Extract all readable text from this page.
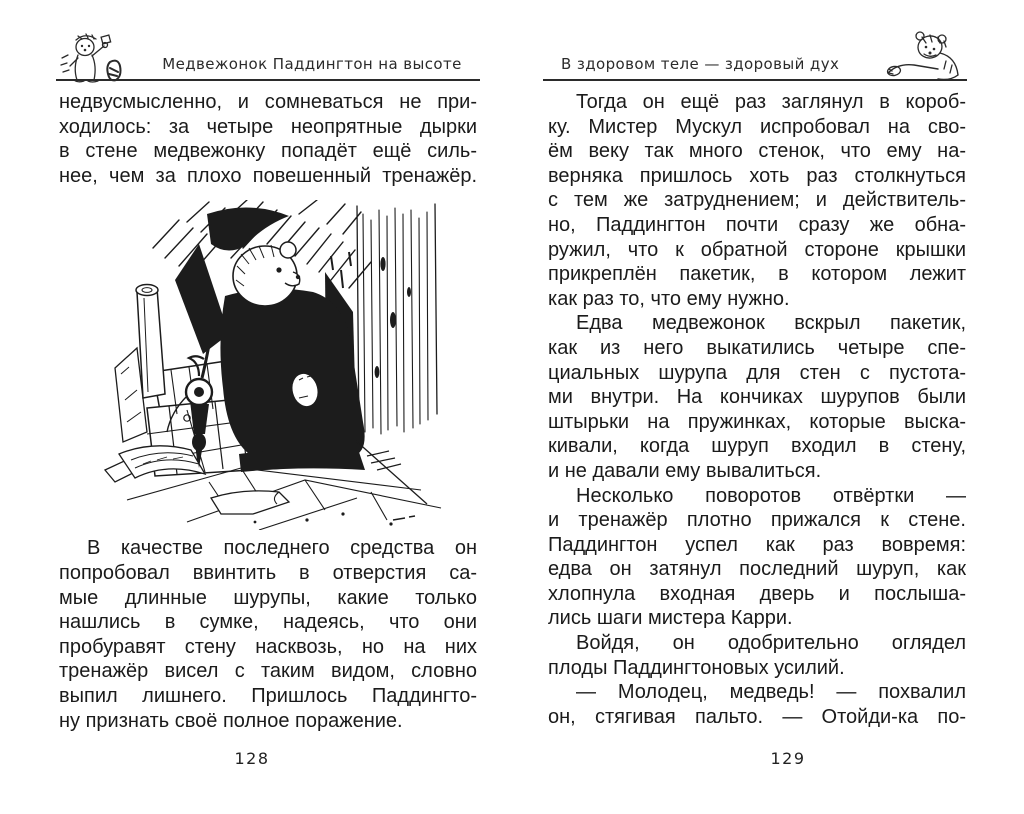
Медвежонок Паддингтон на высоте
недвусмысленно, и сомневаться не при-
ходилось: за четыре неопрятные дырки
в стене медвежонку попадёт ещё силь-
нее, чем за плохо повешенный тренажёр.
В качестве последнего средства он
попробовал ввинтить в отверстия са-
мые длинные шурупы, какие только
нашлись в сумке, надеясь, что они
пробуравят стену насквозь, но на них
тренажёр висел с таким видом, словно
выпил лишнего. Пришлось Паддингто-
ну признать своё полное поражение.
128
В здоровом теле — здоровый дух
Тогда он ещё раз заглянул в короб-
ку. Мистер Мускул испробовал на сво-
ём веку так много стенок, что ему на-
верняка пришлось хоть раз столкнуться
с тем же затруднением; и действитель-
но, Паддингтон почти сразу же обна-
ружил, что к обратной стороне крышки
прикреплён пакетик, в котором лежит
как раз то, что ему нужно.
Едва медвежонок вскрыл пакетик,
как из него выкатились четыре спе-
циальных шурупа для стен с пустота-
ми внутри. На кончиках шурупов были
штырьки на пружинках, которые выска-
кивали, когда шуруп входил в стену,
и не давали ему вывалиться.
Несколько поворотов отвёртки —
и тренажёр плотно прижался к стене.
Паддингтон успел как раз вовремя:
едва он затянул последний шуруп, как
хлопнула входная дверь и послыша-
лись шаги мистера Карри.
Войдя, он одобрительно оглядел
плоды Паддингтоновых усилий.
— Молодец, медведь! — похвалил
он, стягивая пальто. — Отойди-ка по-
129
